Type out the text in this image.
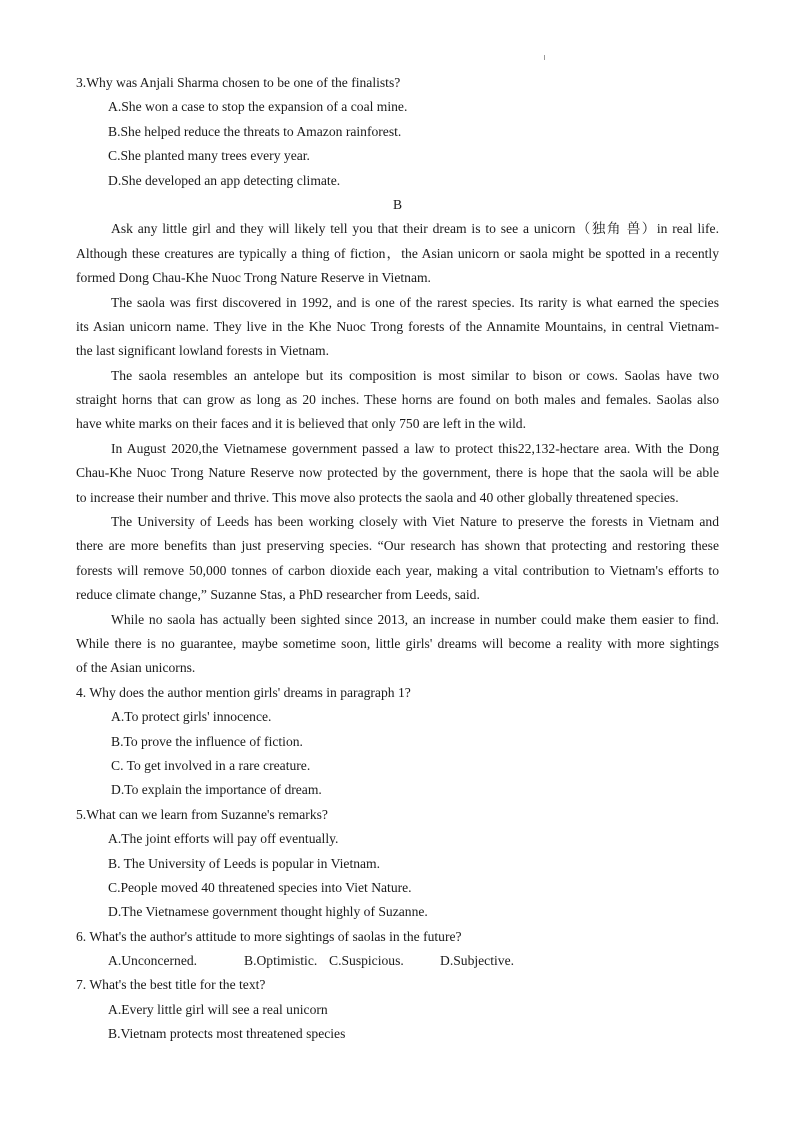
3.Why was Anjali Sharma chosen to be one of the finalists?
A.She won a case to stop the expansion of a coal mine.
B.She helped reduce the threats to Amazon rainforest.
C.She planted many trees every year.
D.She developed an app detecting climate.
B
Ask any little girl and they will likely tell you that their dream is to see a unicorn（独角 兽）in real life.
Although these creatures are typically a thing of fiction，the Asian unicorn or saola might be spotted in a recently
formed Dong Chau-Khe Nuoc Trong Nature Reserve in Vietnam.
The saola was first discovered in 1992, and is one of the rarest species. Its rarity is what earned the species
its Asian unicorn name. They live in the Khe Nuoc Trong forests of the Annamite Mountains, in central Vietnam-
the last significant lowland forests in Vietnam.
The saola resembles an antelope but its composition is most similar to bison or cows. Saolas have two
straight horns that can grow as long as 20 inches. These horns are found on both males and females. Saolas also
have white marks on their faces and it is believed that only 750 are left in the wild.
In August 2020,the Vietnamese government passed a law to protect this22,132-hectare area. With the Dong
Chau-Khe Nuoc Trong Nature Reserve now protected by the government, there is hope that the saola will be able
to increase their number and thrive. This move also protects the saola and 40 other globally threatened species.
The University of Leeds has been working closely with Viet Nature to preserve the forests in Vietnam and
there are more benefits than just preserving species. “Our research has shown that protecting and restoring these
forests will remove 50,000 tonnes of carbon dioxide each year, making a vital contribution to Vietnam's efforts to
reduce climate change,” Suzanne Stas, a PhD researcher from Leeds, said.
While no saola has actually been sighted since 2013, an increase in number could make them easier to find.
While there is no guarantee, maybe sometime soon, little girls' dreams will become a reality with more sightings
of the Asian unicorns.
4. Why does the author mention girls' dreams in paragraph 1?
A.To protect girls' innocence.
B.To prove the influence of fiction.
C. To get involved in a rare creature.
D.To explain the importance of dream.
5.What can we learn from Suzanne's remarks?
A.The joint efforts will pay off eventually.
B. The University of Leeds is popular in Vietnam.
C.People moved 40 threatened species into Viet Nature.
D.The Vietnamese government thought highly of Suzanne.
6. What's the author's attitude to more sightings of saolas in the future?
A.Unconcerned.	B.Optimistic. C.Suspicious.	D.Subjective.
7. What's the best title for the text?
A.Every little girl will see a real unicorn
B.Vietnam protects most threatened species
